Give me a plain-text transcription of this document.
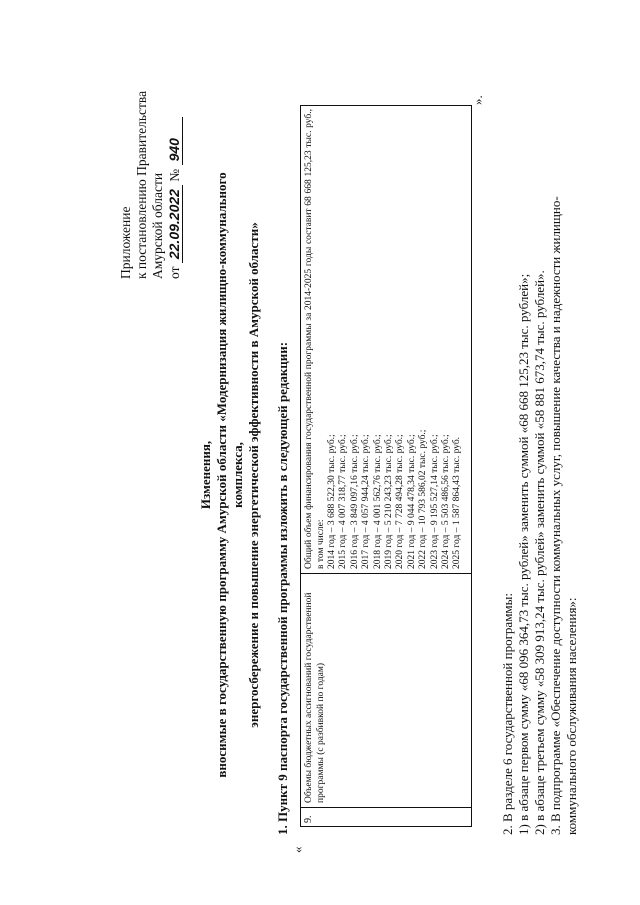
Приложение к постановлению Правительства Амурской области от 22.09.2022 № 940
Изменения, вносимые в государственную программу Амурской области «Модернизация жилищно-коммунального комплекса, энергосбережение и повышение энергетической эффективности в Амурской области» 1. Пункт 9 паспорта государственной программы изложить в следующей редакции:
«
9.
Объемы бюджетных ассигнований государственной программы (с разбивкой по годам)
Общий объем финансирования государственной программы за 2014-2025 годы составит 68 668 125,23 тыс. руб., в том числе: 2014 год – 3 688 522,30 тыс. руб.; 2015 год – 4 007 318,77 тыс. руб.; 2016 год – 3 849 097,16 тыс. руб.; 2017 год – 4 057 944,24 тыс. руб.; 2018 год – 4 001 562,76 тыс. руб.; 2019 год – 5 210 243,23 тыс. руб.; 2020 год – 7 728 494,28 тыс. руб.; 2021 год – 9 044 478,34 тыс. руб.; 2022 год – 10 793 586,02 тыс. руб.; 2023 год – 9 195 527,14 тыс. руб.; 2024 год – 5 503 486,56 тыс. руб.; 2025 год – 1 587 864,43 тыс. руб.
».
2. В разделе 6 государственной программы: 1) в абзаце первом сумму «68 096 364,73 тыс. рублей» заменить суммой «68 668 125,23 тыс. рублей»; 2) в абзаце третьем сумму «58 309 913,24 тыс. рублей» заменить суммой «58 881 673,74 тыс. рублей». 3. В подпрограмме «Обеспечение доступности коммунальных услуг, повышение качества и надежности жилищно- коммунального обслуживания населения»:
